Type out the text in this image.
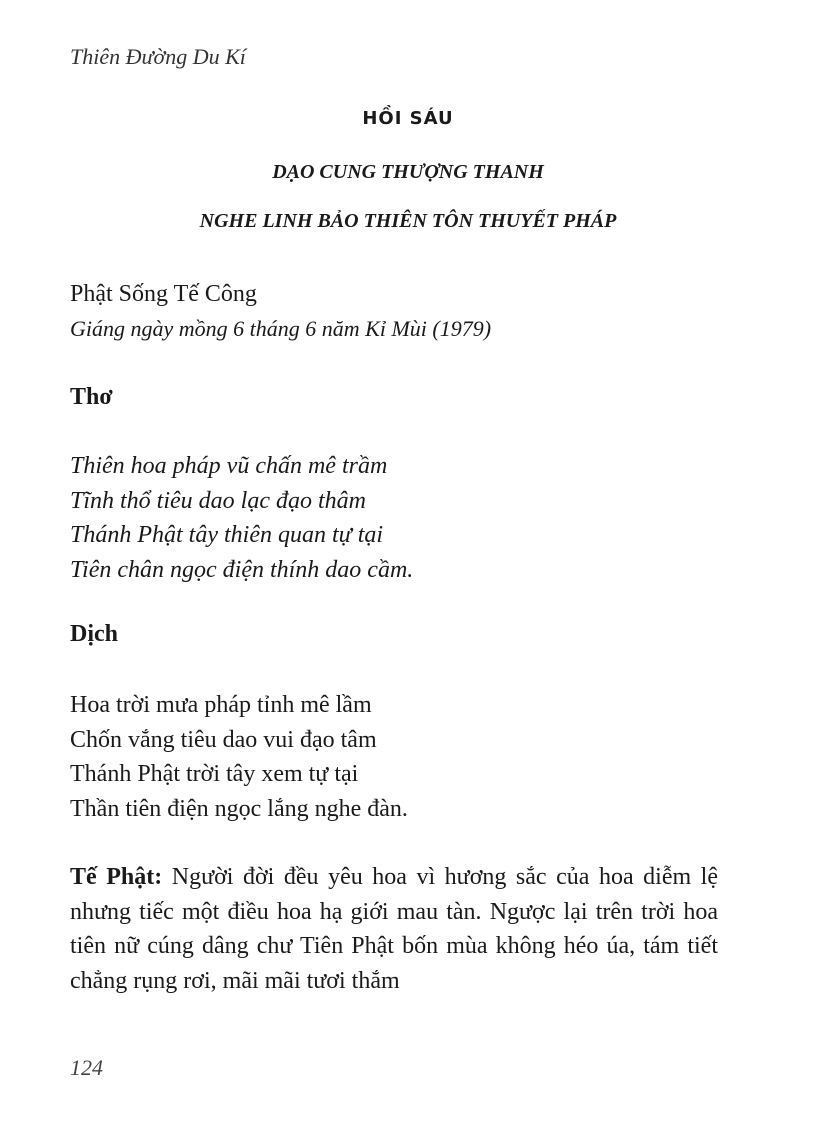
Thiên Đường Du Kí
HỒI SÁU
DẠO CUNG THƯỢNG THANH
NGHE LINH BẢO THIÊN TÔN THUYẾT PHÁP
Phật Sống Tế Công
Giáng ngày mồng 6 tháng 6 năm Kỉ Mùi (1979)
Thơ
Thiên hoa pháp vũ chấn mê trầm
Tĩnh thổ tiêu dao lạc đạo thâm
Thánh Phật tây thiên quan tự tại
Tiên chân ngọc điện thính dao cầm.
Dịch
Hoa trời mưa pháp tỉnh mê lầm
Chốn vắng tiêu dao vui đạo tâm
Thánh Phật trời tây xem tự tại
Thần tiên điện ngọc lắng nghe đàn.

Tế Phật: Người đời đều yêu hoa vì hương sắc của hoa diễm lệ nhưng tiếc một điều hoa hạ giới mau tàn. Ngược lại trên trời hoa tiên nữ cúng dâng chư Tiên Phật bốn mùa không héo úa, tám tiết chẳng rụng rơi, mãi mãi tươi thắm

124
